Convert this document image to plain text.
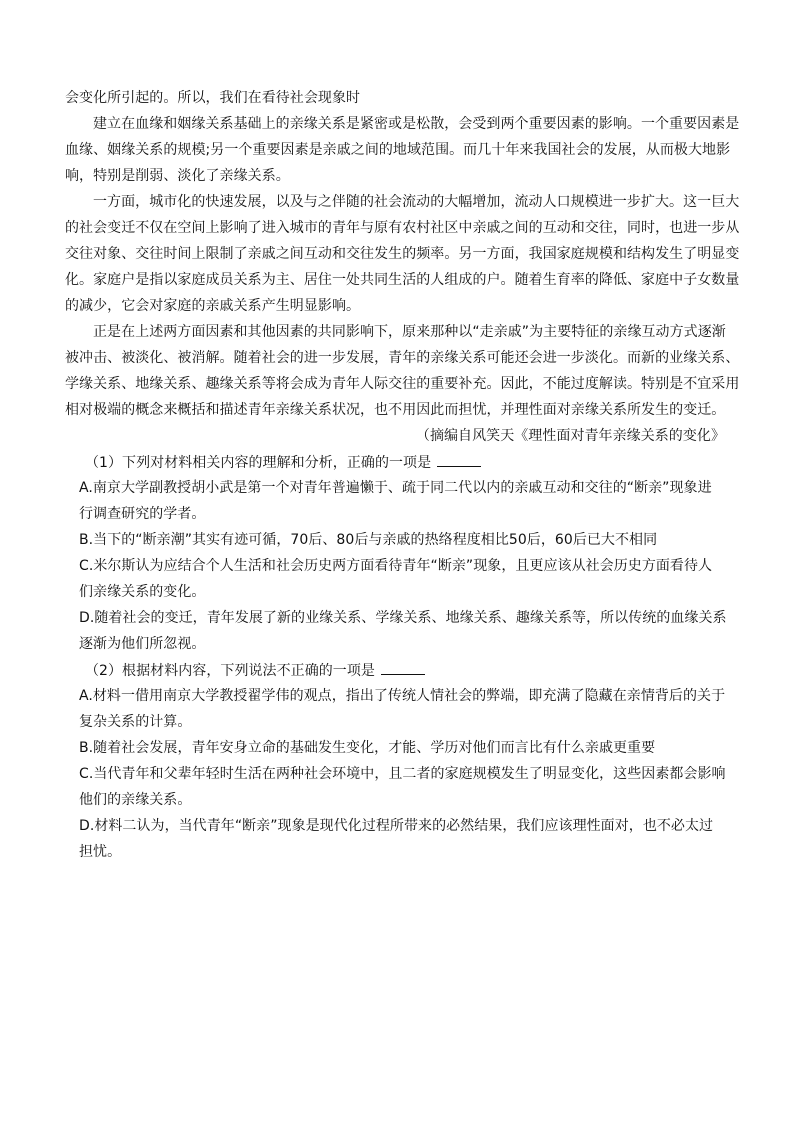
会变化所引起的。所以，我们在看待社会现象时
建立在血缘和姻缘关系基础上的亲缘关系是紧密或是松散，会受到两个重要因素的影响。一个重要因素是
血缘、姻缘关系的规模;另一个重要因素是亲戚之间的地域范围。而几十年来我国社会的发展，从而极大地影
响，特别是削弱、淡化了亲缘关系。
一方面，城市化的快速发展，以及与之伴随的社会流动的大幅增加，流动人口规模进一步扩大。这一巨大
的社会变迁不仅在空间上影响了进入城市的青年与原有农村社区中亲戚之间的互动和交往，同时，也进一步从
交往对象、交往时间上限制了亲戚之间互动和交往发生的频率。另一方面，我国家庭规模和结构发生了明显变
化。家庭户是指以家庭成员关系为主、居住一处共同生活的人组成的户。随着生育率的降低、家庭中子女数量
的减少，它会对家庭的亲戚关系产生明显影响。
正是在上述两方面因素和其他因素的共同影响下，原来那种以“走亲戚”为主要特征的亲缘互动方式逐渐
被冲击、被淡化、被消解。随着社会的进一步发展，青年的亲缘关系可能还会进一步淡化。而新的业缘关系、
学缘关系、地缘关系、趣缘关系等将会成为青年人际交往的重要补充。因此，不能过度解读。特别是不宜采用
相对极端的概念来概括和描述青年亲缘关系状况，也不用因此而担忧，并理性面对亲缘关系所发生的变迁。
（摘编自风笑天《理性面对青年亲缘关系的变化》
（1）下列对材料相关内容的理解和分析，正确的一项是
A.南京大学副教授胡小武是第一个对青年普遍懒于、疏于同二代以内的亲戚互动和交往的“断亲”现象进
行调查研究的学者。
B.当下的“断亲潮”其实有迹可循，70后、80后与亲戚的热络程度相比50后，60后已大不相同
C.米尔斯认为应结合个人生活和社会历史两方面看待青年“断亲”现象，且更应该从社会历史方面看待人
们亲缘关系的变化。
D.随着社会的变迁，青年发展了新的业缘关系、学缘关系、地缘关系、趣缘关系等，所以传统的血缘关系
逐渐为他们所忽视。
（2）根据材料内容，下列说法不正确的一项是
A.材料一借用南京大学教授翟学伟的观点，指出了传统人情社会的弊端，即充满了隐藏在亲情背后的关于
复杂关系的计算。
B.随着社会发展，青年安身立命的基础发生变化，才能、学历对他们而言比有什么亲戚更重要
C.当代青年和父辈年轻时生活在两种社会环境中，且二者的家庭规模发生了明显变化，这些因素都会影响
他们的亲缘关系。
D.材料二认为，当代青年“断亲”现象是现代化过程所带来的必然结果，我们应该理性面对，也不必太过
担忧。
